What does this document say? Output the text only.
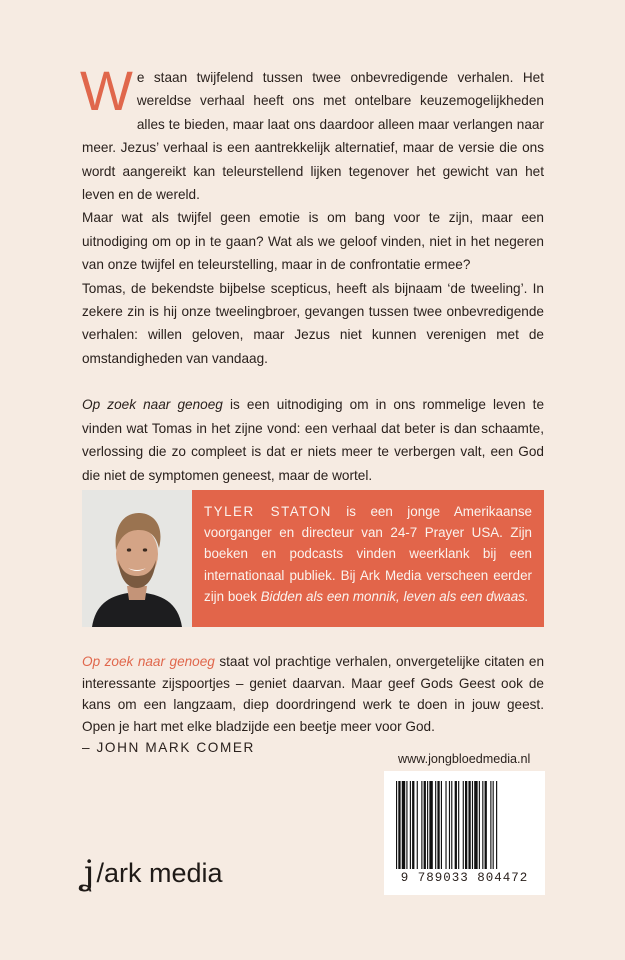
We staan twijfelend tussen twee onbevredigende verhalen. Het wereldse verhaal heeft ons met ontelbare keuzemogelijkheden alles te bieden, maar laat ons daardoor alleen maar verlangen naar meer. Jezus’ verhaal is een aantrekkelijk alternatief, maar de versie die ons wordt aangereikt kan teleurstellend lijken tegenover het gewicht van het leven en de wereld.

Maar wat als twijfel geen emotie is om bang voor te zijn, maar een uitnodiging om op in te gaan? Wat als we geloof vinden, niet in het negeren van onze twijfel en teleurstelling, maar in de confrontatie ermee?

Tomas, de bekendste bijbelse scepticus, heeft als bijnaam ‘de tweeling’. In zekere zin is hij onze tweelingbroer, gevangen tussen twee onbevredigende verhalen: willen geloven, maar Jezus niet kunnen verenigen met de omstandigheden van vandaag.

Op zoek naar genoeg is een uitnodiging om in ons rommelige leven te vinden wat Tomas in het zijne vond: een verhaal dat beter is dan schaamte, verlossing die zo compleet is dat er niets meer te verbergen valt, een God die niet de symptomen geneest, maar de wortel.

TYLER STATON is een jonge Amerikaanse voorganger en directeur van 24-7 Prayer USA. Zijn boeken en podcasts vinden weerklank bij een internationaal publiek. Bij Ark Media verscheen eerder zijn boek Bidden als een monnik, leven als een dwaas.
Op zoek naar genoeg staat vol prachtige verhalen, onvergetelijke citaten en interessante zijspoortjes – geniet daarvan. Maar geef Gods Geest ook de kans om een langzaam, diep doordringend werk te doen in jouw geest. Open je hart met elke bladzijde een beetje meer voor God.
– JOHN MARK COMER
www.jongbloedmedia.nl
9 789033 804472
ʝ /ark media
